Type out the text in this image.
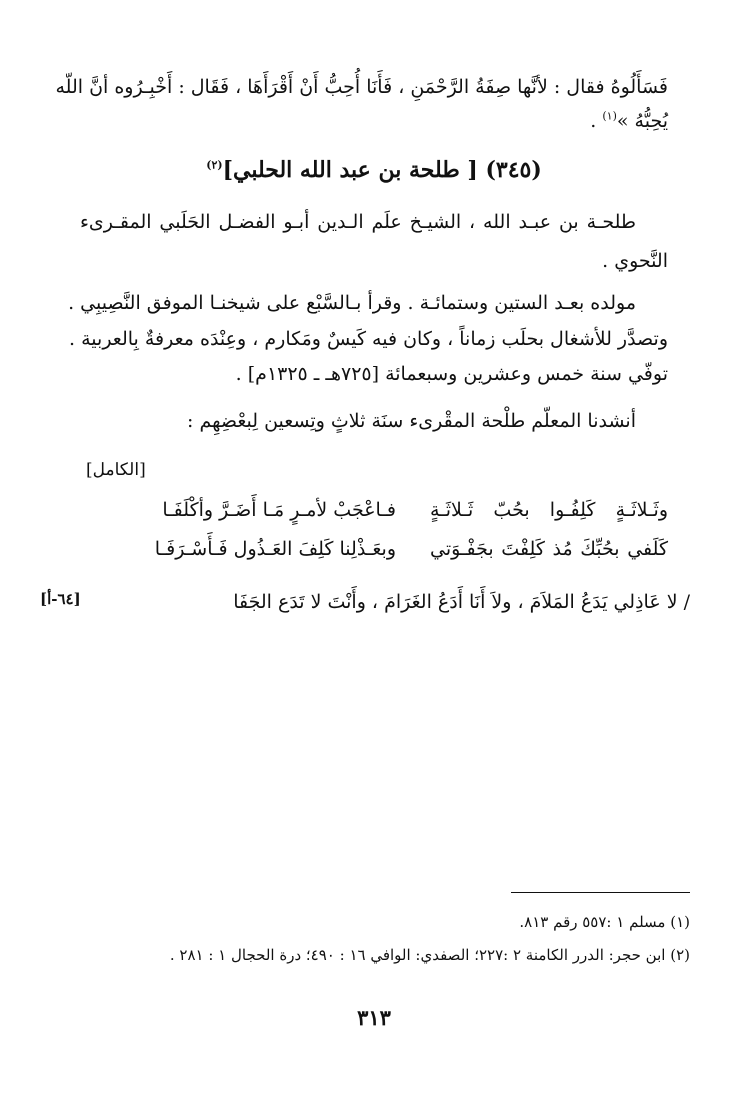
فَسَأَلُوهُ فقال : لأنَّها صِفَةُ الرَّحْمَنِ ، فَأَنَا أُحِبُّ أَنْ أَقْرَأَهَا ، فَقَال : أَخْبِـرُوه أنَّ اللّه
يُحِبُّهُ »$^{(١)}$ .
(٣٤٥) [ طلحة بن عبد الله الحلبي]$^{(٢)}$
طلحـة بن عبـد الله ، الشيـخ علَم الـدين أبـو الفضـل الحَلَبي المقـرىء
النَّحوي .
مولده بعـد الستين وستمائـة . وقرأ بـالسَّبْع على شيخنـا الموفق النَّصِيبِي .
وتصدَّر للأشغال بحلَب زماناً ، وكان فيه كَيسٌ ومَكارم ، وعِنْدَه معرفةٌ بِالعربية .
توفّي سنة خمس وعشرين وسبعمائة [٧٢٥هـ ـ ١٣٢٥م] .
أنشدنا المعلّم طلْحة المقْرىء سنَة ثلاثٍ وتِسعين لِبعْضِهِم :
[الكامل]
وثَـلاثَـةٍ كَلِفُـوا بحُبّ ثَـلاثَـةٍ
فـاعْجَبْ لأمـرٍ مَـا أَضَـرَّ وأكْلَفَـا
كَلَفي بحُبِّكَ مُذ كَلِفْتَ بجَفْـوَتي
وبعَـذْلِنا كَلِفَ العَـذُول فَـأَسْـرَفَـا
/ لا عَاذِلي يَدَعُ المَلاَمَ ، ولاَ أَنَا أَدَعُ الغَرَامَ ، وأَنْتَ لا تَدَع الجَفَا
[٦٤-أ]
(١) مسلم ١ :٥٥٧ رقم ٨١٣.
(٢) ابن حجر: الدرر الكامنة ٢ :٢٢٧؛ الصفدي: الوافي ١٦ : ٤٩٠؛ درة الحجال ١ : ٢٨١ .
٣١٣
